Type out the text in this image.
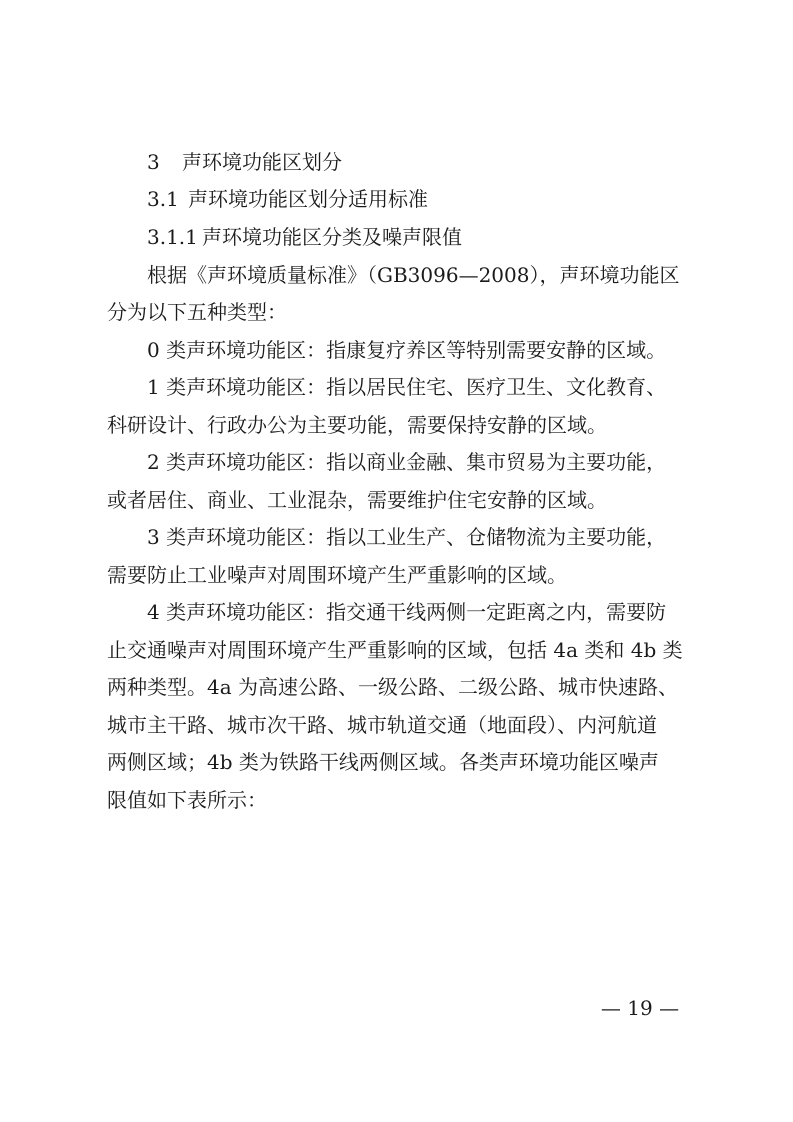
3 声环境功能区划分
3.1 声环境功能区划分适用标准
3.1.1 声环境功能区分类及噪声限值
根据《声环境质量标准》（GB3096—2008），声环境功能区
分为以下五种类型：
0 类声环境功能区：指康复疗养区等特别需要安静的区域。
1 类声环境功能区：指以居民住宅、医疗卫生、文化教育、
科研设计、行政办公为主要功能，需要保持安静的区域。
2 类声环境功能区：指以商业金融、集市贸易为主要功能，
或者居住、商业、工业混杂，需要维护住宅安静的区域。
3 类声环境功能区：指以工业生产、仓储物流为主要功能，
需要防止工业噪声对周围环境产生严重影响的区域。
4 类声环境功能区：指交通干线两侧一定距离之内，需要防
止交通噪声对周围环境产生严重影响的区域，包括 4a 类和 4b 类
两种类型。4a 为高速公路、一级公路、二级公路、城市快速路、
城市主干路、城市次干路、城市轨道交通（地面段）、内河航道
两侧区域；4b 类为铁路干线两侧区域。各类声环境功能区噪声
限值如下表所示：
— 19 —
